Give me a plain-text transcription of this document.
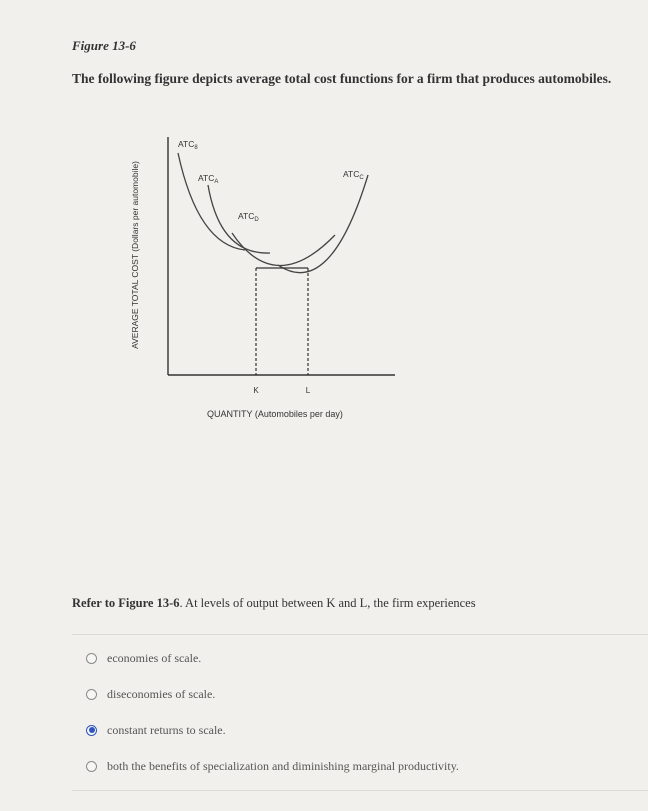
Figure 13-6
The following figure depicts average total cost functions for a firm that produces automobiles.
AVERAGE TOTAL COST (Dollars per automobile)
$ATC_8$
$ATC_A$
$ATC_D$
$ATC_C$
K	L
QUANTITY (Automobiles per day)
Refer to Figure 13-6. At levels of output between K and L, the firm experiences
economies of scale.
diseconomies of scale.
constant returns to scale.
both the benefits of specialization and diminishing marginal productivity.
